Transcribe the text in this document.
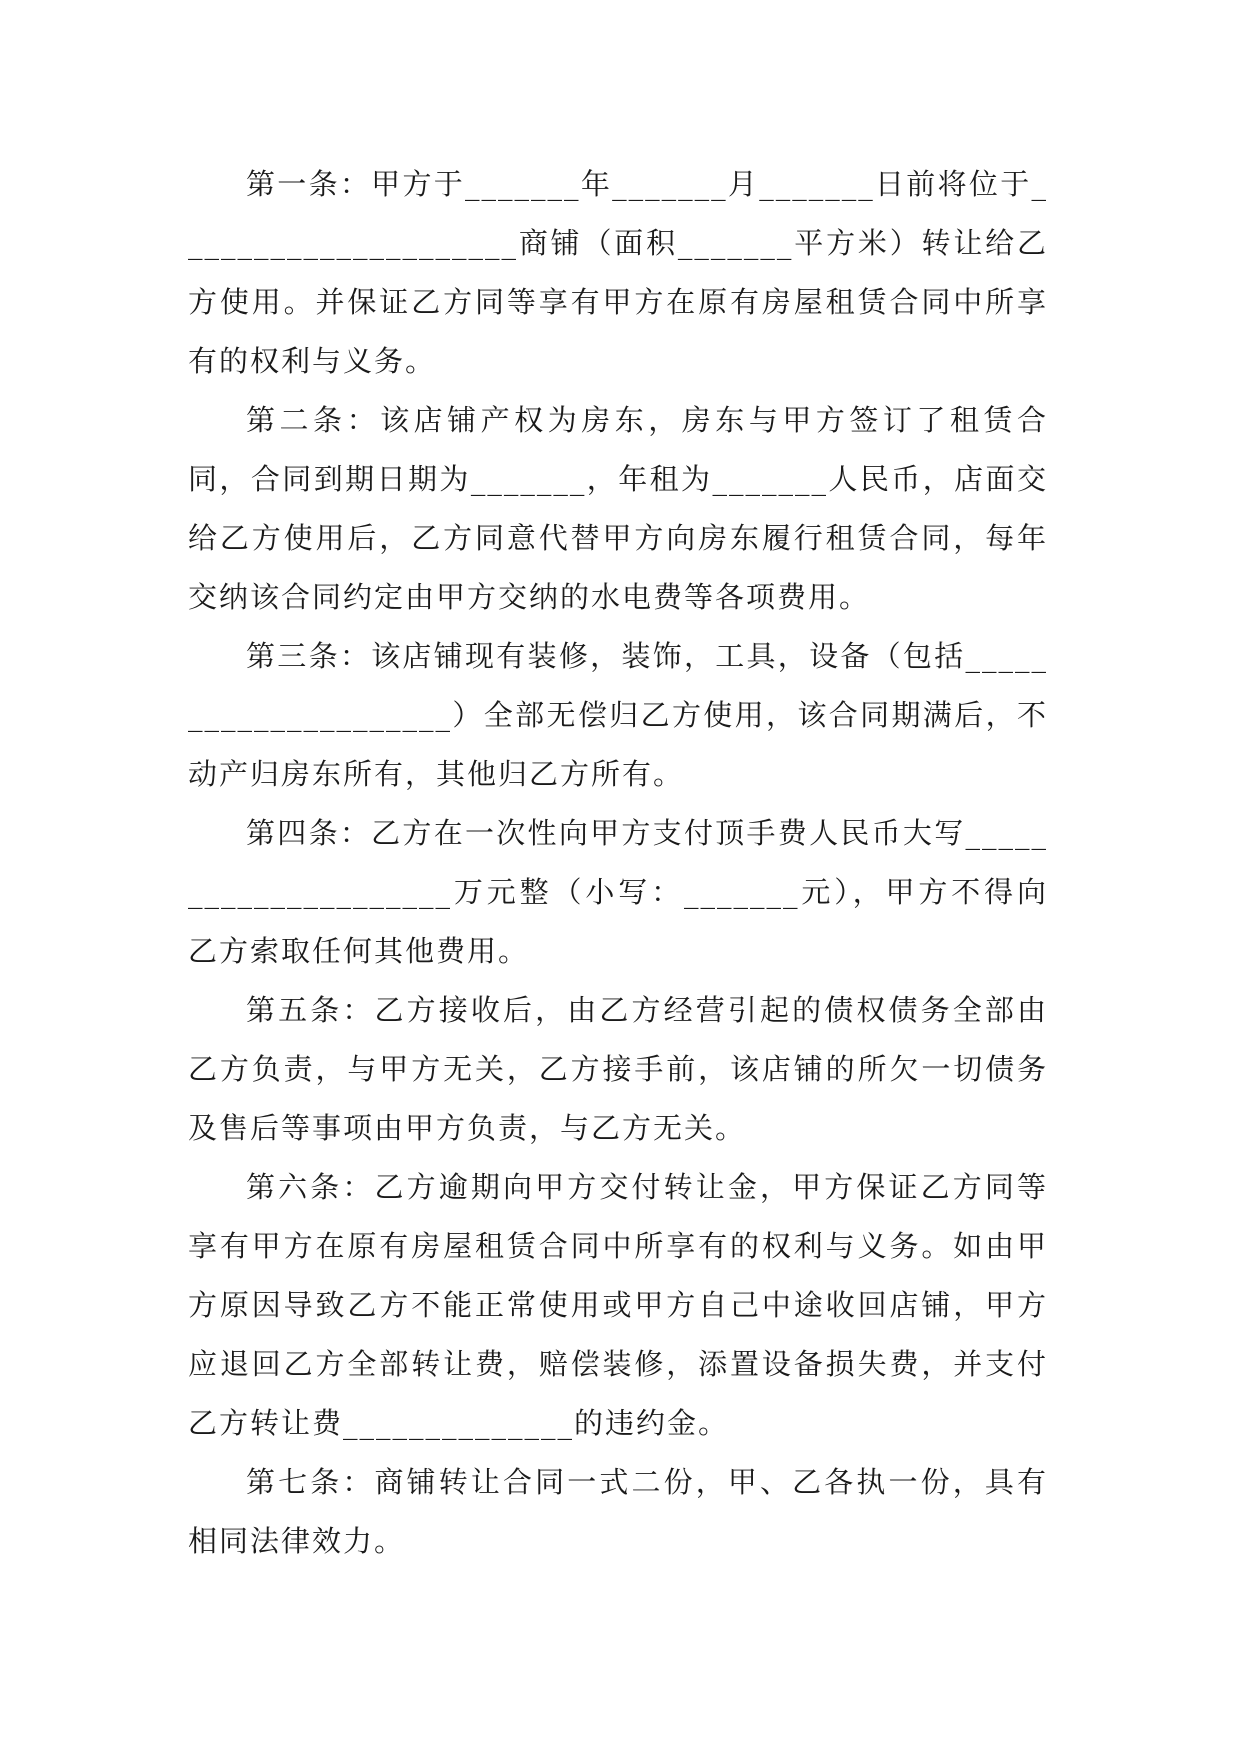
第一条：甲方于_______年_______月_______日前将位于_____________________商铺（面积_______平方米）转让给乙方使用。并保证乙方同等享有甲方在原有房屋租赁合同中所享有的权利与义务。

第二条：该店铺产权为房东，房东与甲方签订了租赁合同，合同到期日期为_______，年租为_______人民币，店面交给乙方使用后，乙方同意代替甲方向房东履行租赁合同，每年交纳该合同约定由甲方交纳的水电费等各项费用。

第三条：该店铺现有装修，装饰，工具，设备（包括_____________________）全部无偿归乙方使用，该合同期满后，不动产归房东所有，其他归乙方所有。

第四条：乙方在一次性向甲方支付顶手费人民币大写_____________________万元整（小写：_______元），甲方不得向乙方索取任何其他费用。

第五条：乙方接收后，由乙方经营引起的债权债务全部由乙方负责，与甲方无关，乙方接手前，该店铺的所欠一切债务及售后等事项由甲方负责，与乙方无关。

第六条：乙方逾期向甲方交付转让金，甲方保证乙方同等享有甲方在原有房屋租赁合同中所享有的权利与义务。如由甲方原因导致乙方不能正常使用或甲方自己中途收回店铺，甲方应退回乙方全部转让费，赔偿装修，添置设备损失费，并支付乙方转让费______________的违约金。

第七条：商铺转让合同一式二份，甲、乙各执一份，具有相同法律效力。
